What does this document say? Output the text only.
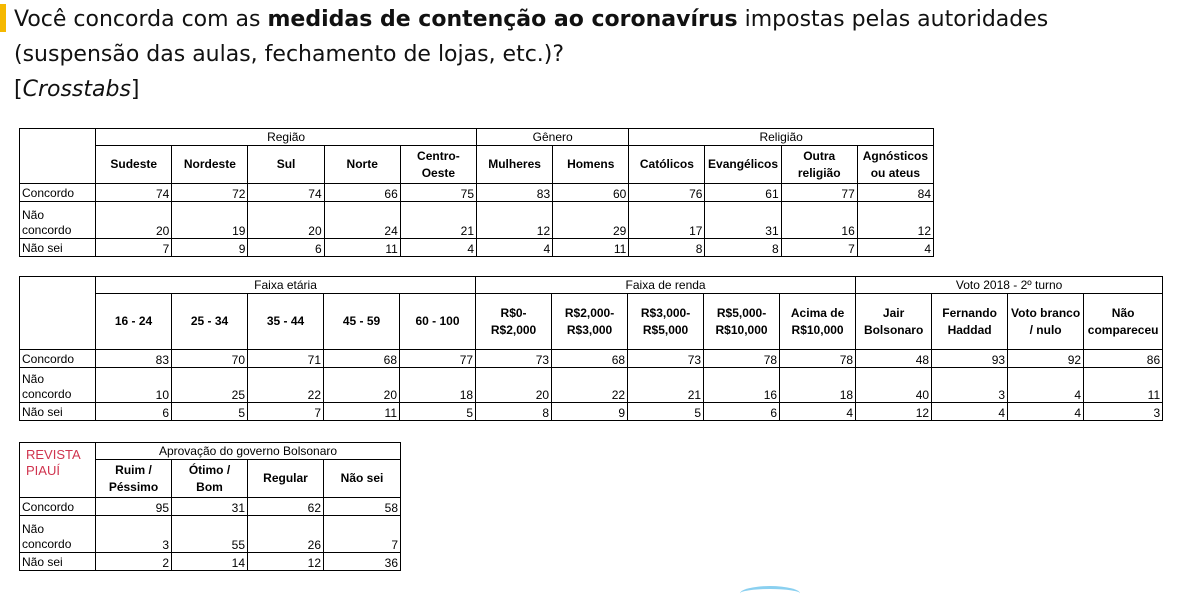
Você concorda com as medidas de contenção ao coronavírus impostas pelas autoridades (suspensão das aulas, fechamento de lojas, etc.)?
[Crosstabs]
	Região					Gênero		Religião			
	Sudeste	Nordeste	Sul	Norte	Centro-Oeste	Mulheres	Homens	Católicos	Evangélicos	Outra religião	Agnósticos ou ateus
Concordo	74	72	74	66	75	83	60	76	61	77	84
Não
concordo	20	19	20	24	21	12	29	17	31	16	12
Não sei	7	9	6	11	4	4	11	8	8	7	4
	Faixa etária					Faixa de renda					Voto 2018 - 2º turno			
	16 - 24	25 - 34	35 - 44	45 - 59	60 - 100	R$0-R$2,000	R$2,000-R$3,000	R$3,000-R$5,000	R$5,000-R$10,000	Acima de R$10,000	Jair Bolsonaro	Fernando Haddad	Voto branco / nulo	Não compareceu
Concordo	83	70	71	68	77	73	68	73	78	78	48	93	92	86
Não
concordo	10	25	22	20	18	20	22	21	16	18	40	3	4	11
Não sei	6	5	7	11	5	8	9	5	6	4	12	4	4	3
REVISTA
PIAUÍ	Aprovação do governo Bolsonaro			
	Ruim / Péssimo	Ótimo / Bom	Regular	Não sei
Concordo	95	31	62	58
Não
concordo	3	55	26	7
Não sei	2	14	12	36
